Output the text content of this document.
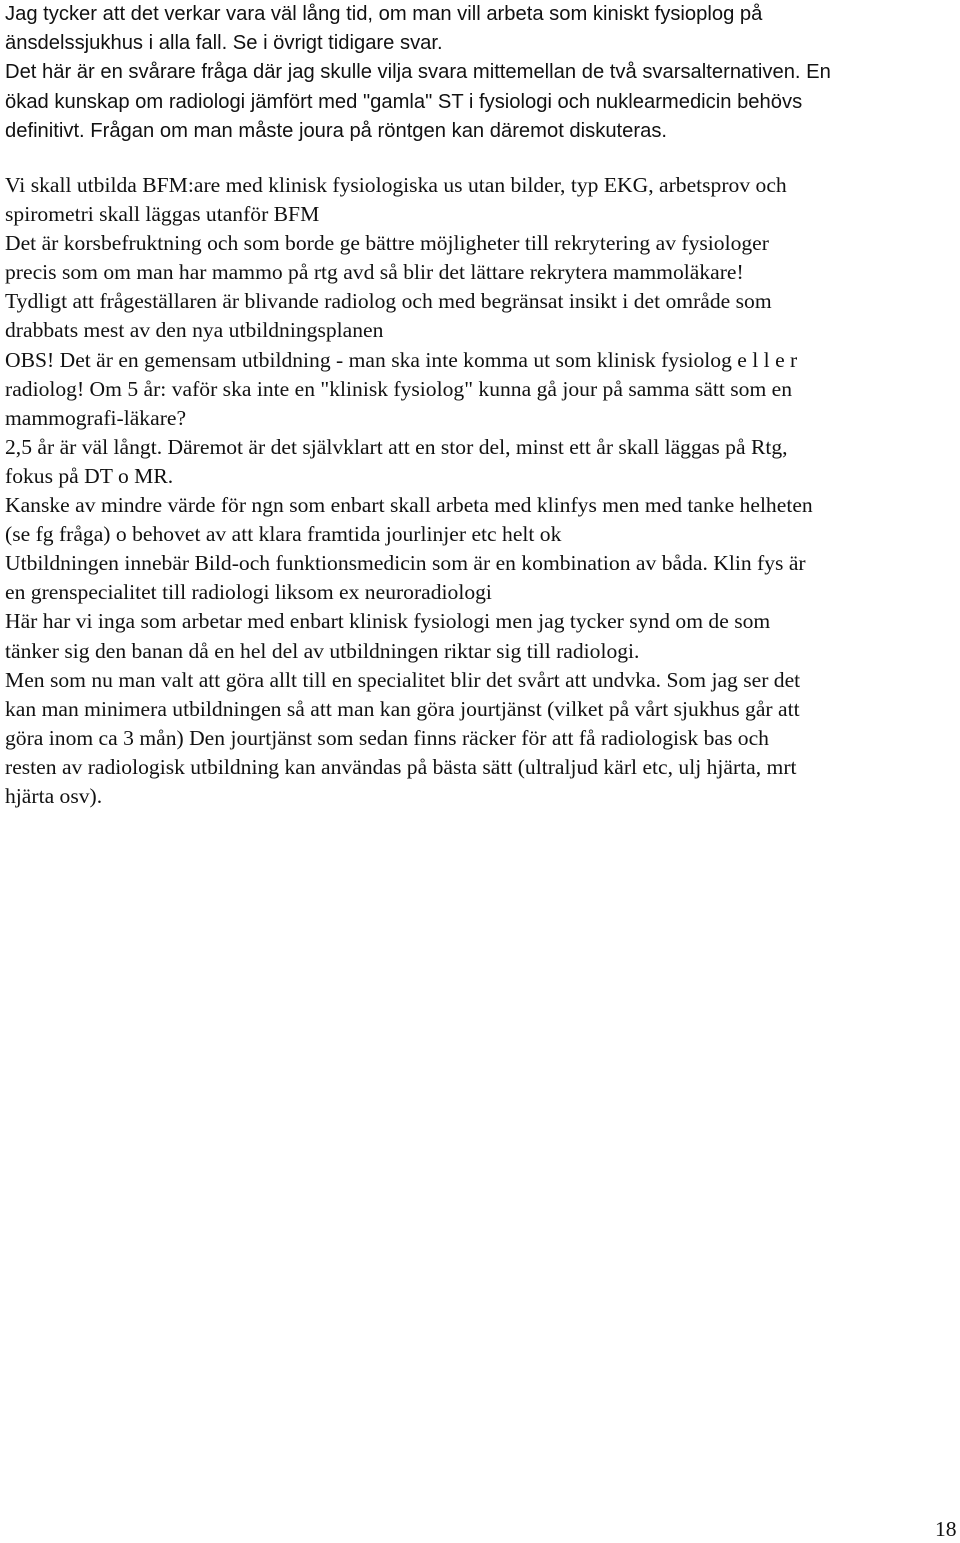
Jag tycker att det verkar vara väl lång tid, om man vill arbeta som kiniskt fysioplog på
änsdelssjukhus i alla fall. Se i övrigt tidigare svar.
Det här är en svårare fråga där jag skulle vilja svara mittemellan de två svarsalternativen. En
ökad kunskap om radiologi jämfört med "gamla" ST i fysiologi och nuklearmedicin behövs
definitivt. Frågan om man måste joura på röntgen kan däremot diskuteras.
Vi skall utbilda BFM:are med klinisk fysiologiska us utan bilder, typ EKG, arbetsprov och
spirometri skall läggas utanför BFM
Det är korsbefruktning och som borde ge bättre möjligheter till rekrytering av fysiologer
precis som om man har mammo på rtg avd så blir det lättare rekrytera mammoläkare!
Tydligt att frågeställaren är blivande radiolog och med begränsat insikt i det område som
drabbats mest av den nya utbildningsplanen
OBS! Det är en gemensam utbildning - man ska inte komma ut som klinisk fysiolog e l l e r
radiolog! Om 5 år: vaför ska inte en "klinisk fysiolog" kunna gå jour på samma sätt som en
mammografi-läkare?
2,5 år är väl långt. Däremot är det självklart att en stor del, minst ett år skall läggas på Rtg,
fokus på DT o MR.
Kanske av mindre värde för ngn som enbart skall arbeta med klinfys men med tanke helheten
(se fg fråga) o behovet av att klara framtida jourlinjer etc helt ok
Utbildningen innebär Bild-och funktionsmedicin som är en kombination av båda. Klin fys är
en grenspecialitet till radiologi liksom ex neuroradiologi
Här har vi inga som arbetar med enbart klinisk fysiologi men jag tycker synd om de som
tänker sig den banan då en hel del av utbildningen riktar sig till radiologi.
Men som nu man valt att göra allt till en specialitet blir det svårt att undvka. Som jag ser det
kan man minimera utbildningen så att man kan göra jourtjänst (vilket på vårt sjukhus går att
göra inom ca 3 mån) Den jourtjänst som sedan finns räcker för att få radiologisk bas och
resten av radiologisk utbildning kan användas på bästa sätt (ultraljud kärl etc, ulj hjärta, mrt
hjärta osv).
18
